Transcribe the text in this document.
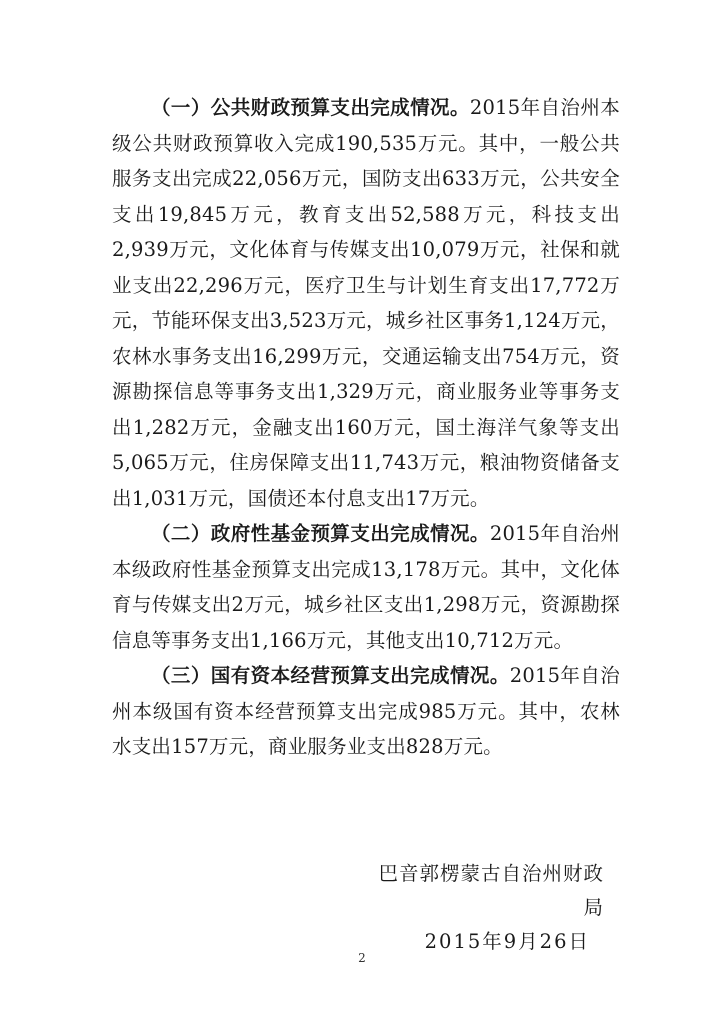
（一）公共财政预算支出完成情况。2015年自治州本级公共财政预算收入完成190,535万元。其中，一般公共服务支出完成22,056万元，国防支出633万元，公共安全支出19,845万元，教育支出52,588万元，科技支出2,939万元，文化体育与传媒支出10,079万元，社保和就业支出22,296万元，医疗卫生与计划生育支出17,772万元，节能环保支出3,523万元，城乡社区事务1,124万元，农林水事务支出16,299万元，交通运输支出754万元，资源勘探信息等事务支出1,329万元，商业服务业等事务支出1,282万元，金融支出160万元，国土海洋气象等支出5,065万元，住房保障支出11,743万元，粮油物资储备支出1,031万元，国债还本付息支出17万元。

（二）政府性基金预算支出完成情况。2015年自治州本级政府性基金预算支出完成13,178万元。其中，文化体育与传媒支出2万元，城乡社区支出1,298万元，资源勘探信息等事务支出1,166万元，其他支出10,712万元。

（三）国有资本经营预算支出完成情况。2015年自治州本级国有资本经营预算支出完成985万元。其中，农林水支出157万元，商业服务业支出828万元。

巴音郭楞蒙古自治州财政局
2015年9月26日
2
